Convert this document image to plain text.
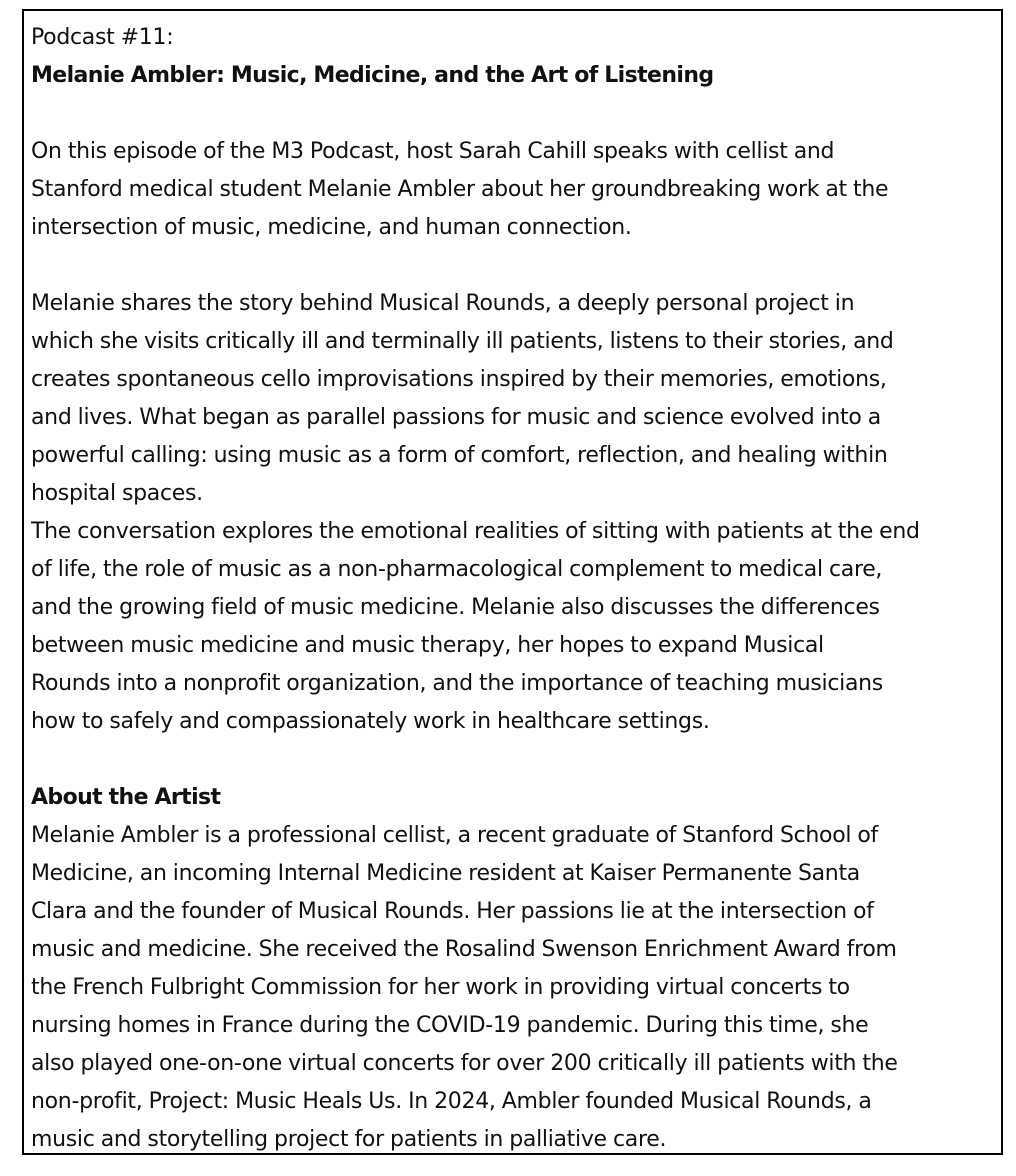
Podcast #11:
Melanie Ambler: Music, Medicine, and the Art of Listening
On this episode of the M3 Podcast, host Sarah Cahill speaks with cellist and
Stanford medical student Melanie Ambler about her groundbreaking work at the
intersection of music, medicine, and human connection.
Melanie shares the story behind Musical Rounds, a deeply personal project in
which she visits critically ill and terminally ill patients, listens to their stories, and
creates spontaneous cello improvisations inspired by their memories, emotions,
and lives. What began as parallel passions for music and science evolved into a
powerful calling: using music as a form of comfort, reflection, and healing within
hospital spaces.
The conversation explores the emotional realities of sitting with patients at the end
of life, the role of music as a non-pharmacological complement to medical care,
and the growing field of music medicine. Melanie also discusses the differences
between music medicine and music therapy, her hopes to expand Musical
Rounds into a nonprofit organization, and the importance of teaching musicians
how to safely and compassionately work in healthcare settings.
About the Artist
Melanie Ambler is a professional cellist, a recent graduate of Stanford School of
Medicine, an incoming Internal Medicine resident at Kaiser Permanente Santa
Clara and the founder of Musical Rounds. Her passions lie at the intersection of
music and medicine. She received the Rosalind Swenson Enrichment Award from
the French Fulbright Commission for her work in providing virtual concerts to
nursing homes in France during the COVID-19 pandemic. During this time, she
also played one-on-one virtual concerts for over 200 critically ill patients with the
non-profit, Project: Music Heals Us. In 2024, Ambler founded Musical Rounds, a
music and storytelling project for patients in palliative care.
